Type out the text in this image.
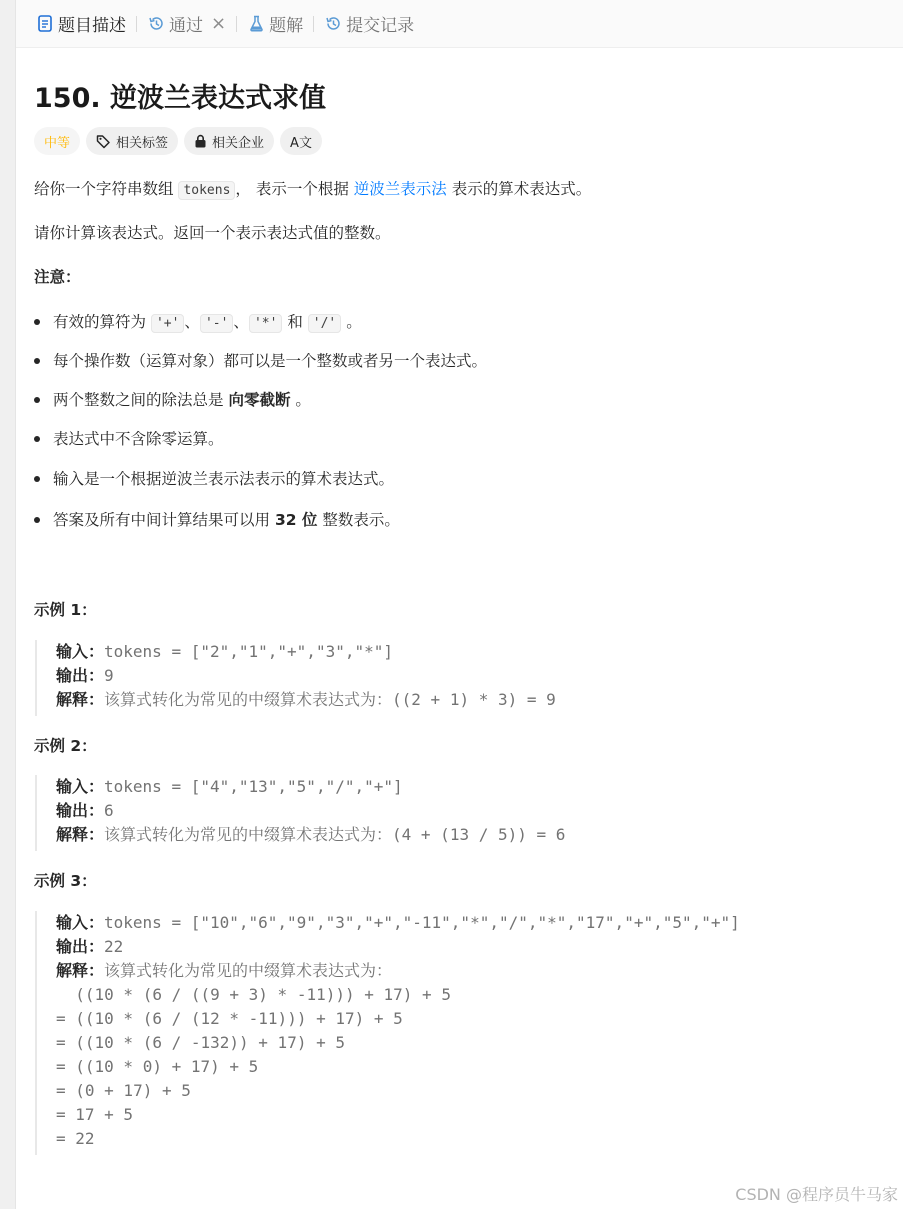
题目描述	通过 ×	题解	提交记录
150. 逆波兰表达式求值
中等	相关标签	相关企业 A文

给你一个字符串数组 tokens ， 表示一个根据 逆波兰表示法 表示的算术表达式。

请你计算该表达式。返回一个表示表达式值的整数。

注意：

有效的算符为 '+' 、 '-' 、 '*' 和 '/' 。
每个操作数（运算对象）都可以是一个整数或者另一个表达式。
两个整数之间的除法总是 向零截断 。
表达式中不含除零运算。
输入是一个根据逆波兰表示法表示的算术表达式。
答案及所有中间计算结果可以用 32 位 整数表示。
示例 1：
输入：tokens = ["2","1","+","3","*"]
输出：9
解释：该算式转化为常见的中缀算术表达式为：((2 + 1) * 3) = 9
示例 2：
输入：tokens = ["4","13","5","/","+"]
输出：6
解释：该算式转化为常见的中缀算术表达式为：(4 + (13 / 5)) = 6
示例 3：
输入：tokens = ["10","6","9","3","+","-11","*","/","*","17","+","5","+"]
输出：22
解释：该算式转化为常见的中缀算术表达式为：
((10 * (6 / ((9 + 3) * -11))) + 17) + 5
= ((10 * (6 / (12 * -11))) + 17) + 5
= ((10 * (6 / -132)) + 17) + 5
= ((10 * 0) + 17) + 5
= (0 + 17) + 5
= 17 + 5
= 22
CSDN @程序员牛马家
